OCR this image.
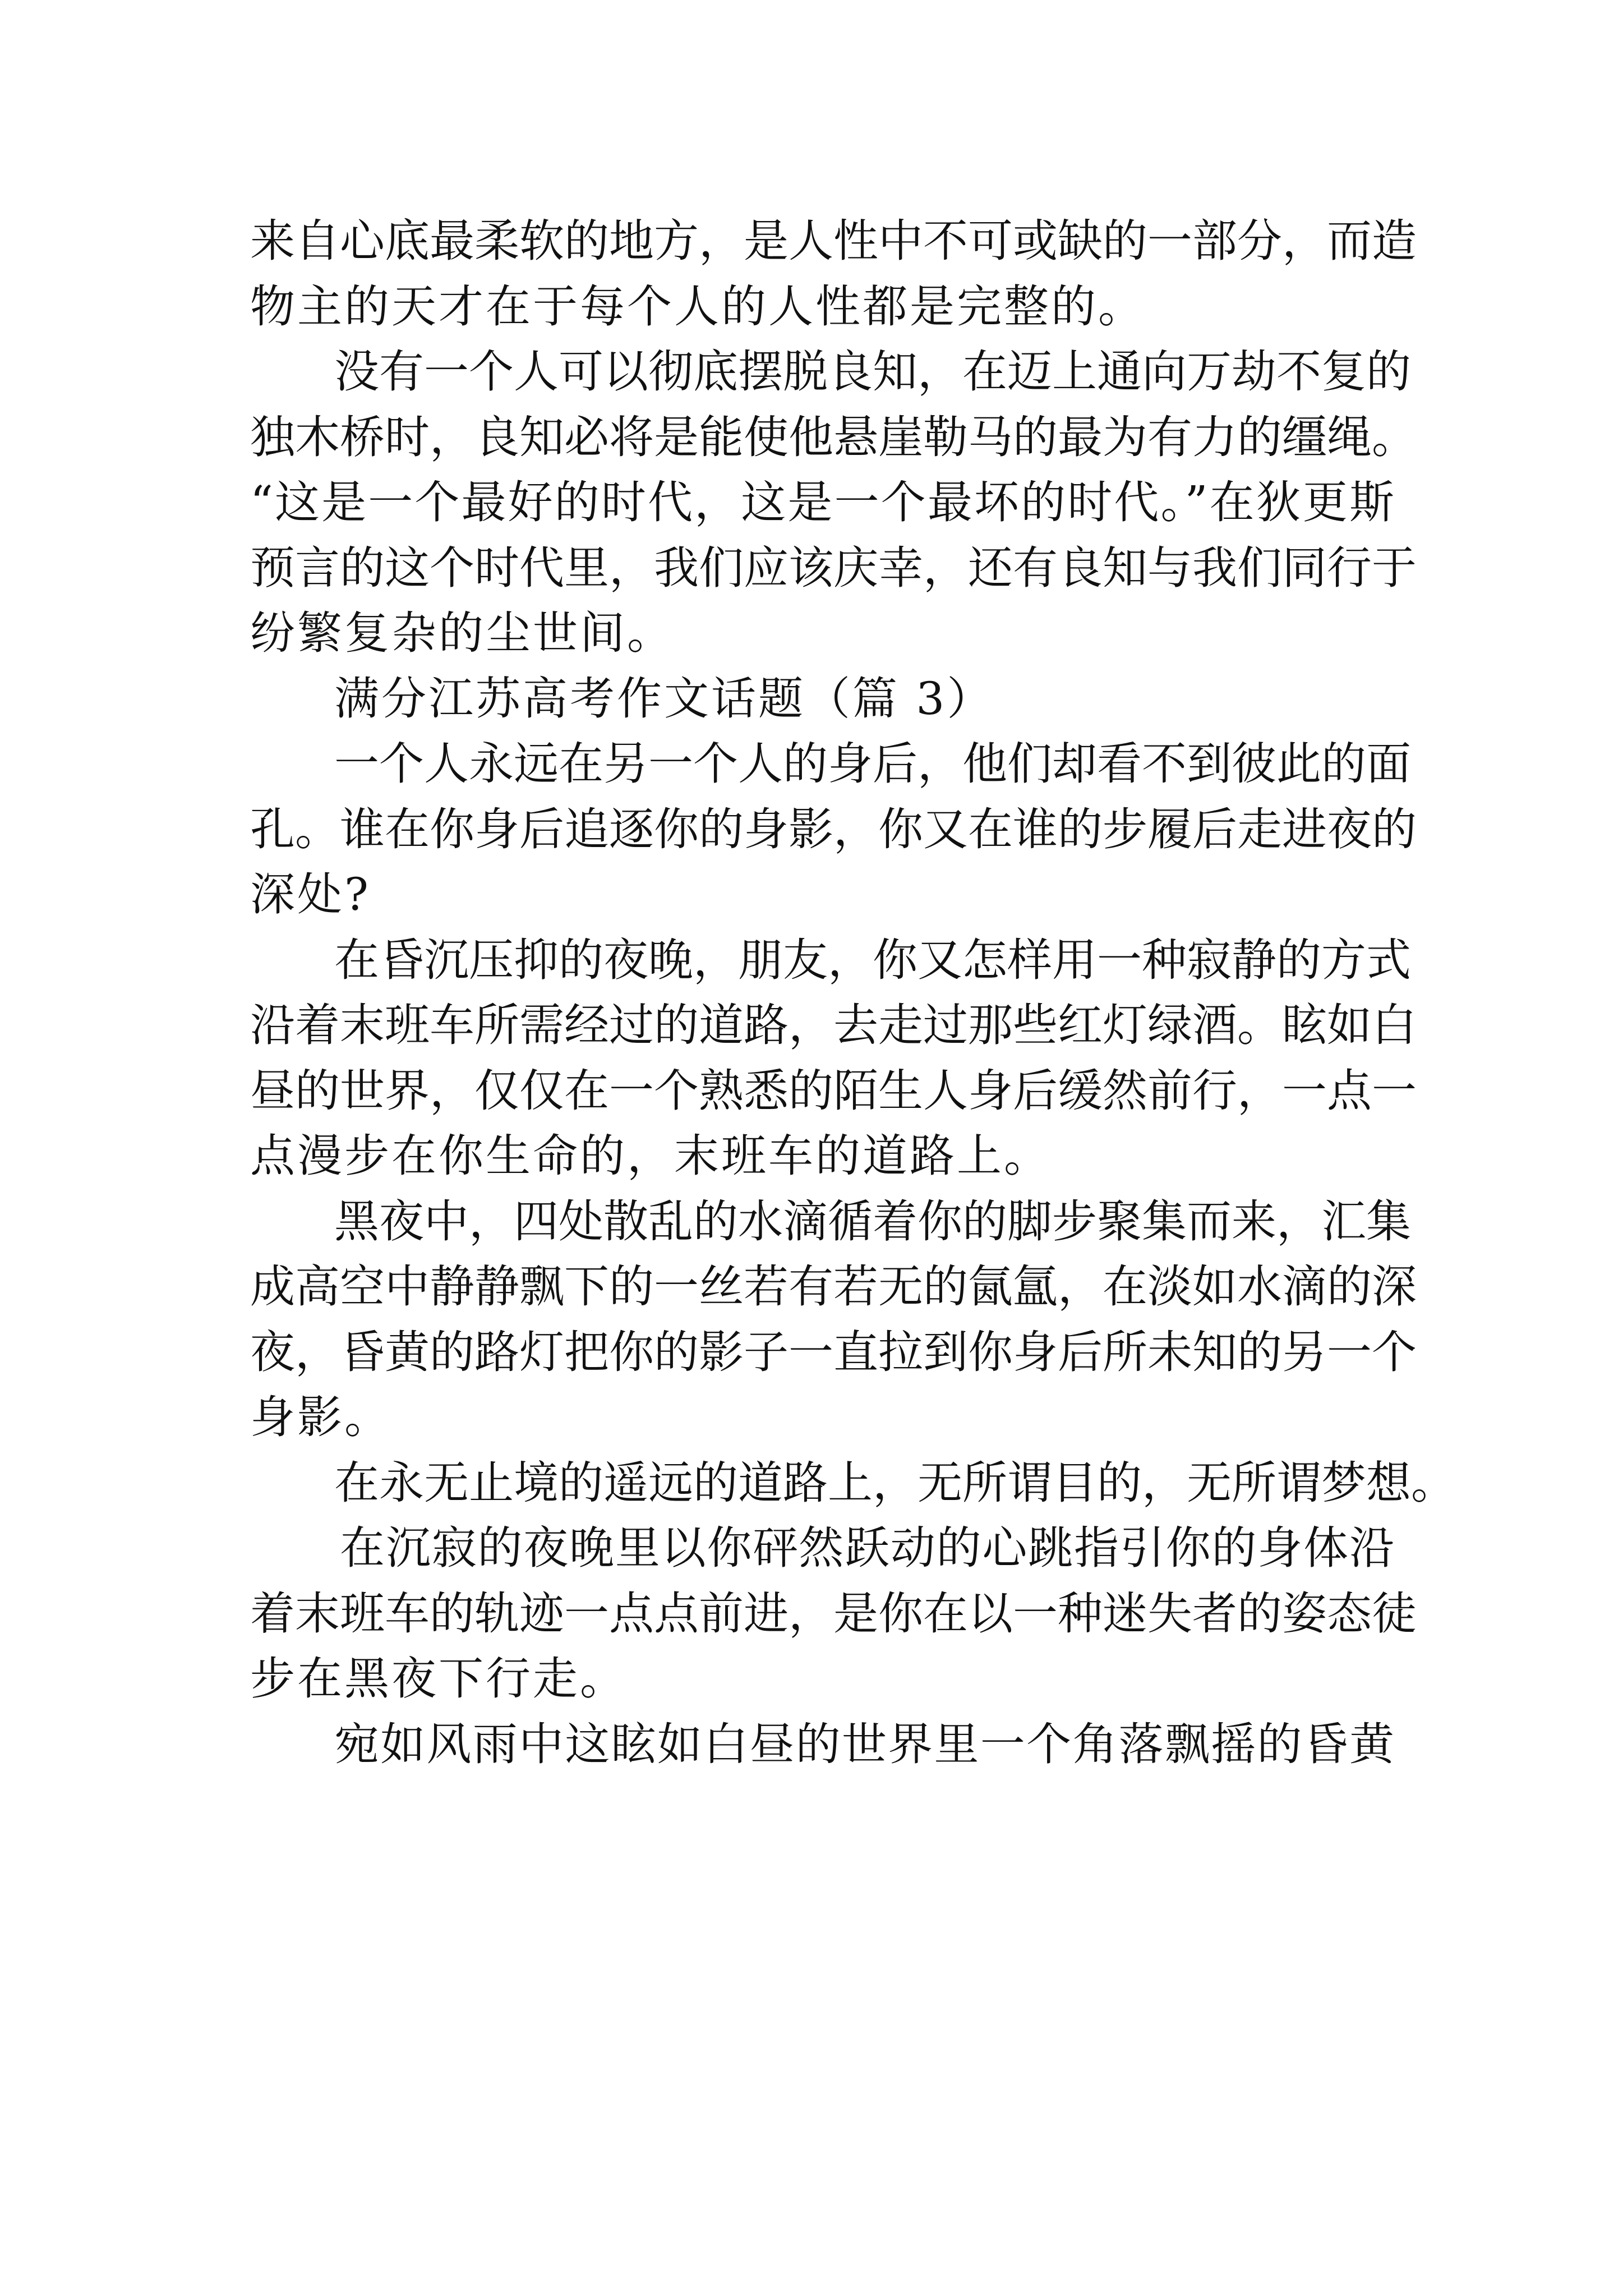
来自心底最柔软的地方，是人性中不可或缺的一部分，而造
物主的天才在于每个人的人性都是完整的。
没有一个人可以彻底摆脱良知，在迈上通向万劫不复的
独木桥时，良知必将是能使他悬崖勒马的最为有力的缰绳。
“这是一个最好的时代，这是一个最坏的时代。”在狄更斯
预言的这个时代里，我们应该庆幸，还有良知与我们同行于
纷繁复杂的尘世间。
满分江苏高考作文话题（篇 3）
一个人永远在另一个人的身后，他们却看不到彼此的面
孔。谁在你身后追逐你的身影，你又在谁的步履后走进夜的
深处?
在昏沉压抑的夜晚，朋友，你又怎样用一种寂静的方式
沿着末班车所需经过的道路，去走过那些红灯绿酒。眩如白
昼的世界，仅仅在一个熟悉的陌生人身后缓然前行，一点一
点漫步在你生命的，末班车的道路上。
黑夜中，四处散乱的水滴循着你的脚步聚集而来，汇集
成高空中静静飘下的一丝若有若无的氤氲，在淡如水滴的深
夜，昏黄的路灯把你的影子一直拉到你身后所未知的另一个
身影。
在永无止境的遥远的道路上，无所谓目的，无所谓梦想。
在沉寂的夜晚里以你砰然跃动的心跳指引你的身体沿
着末班车的轨迹一点点前进，是你在以一种迷失者的姿态徒
步在黑夜下行走。
宛如风雨中这眩如白昼的世界里一个角落飘摇的昏黄
